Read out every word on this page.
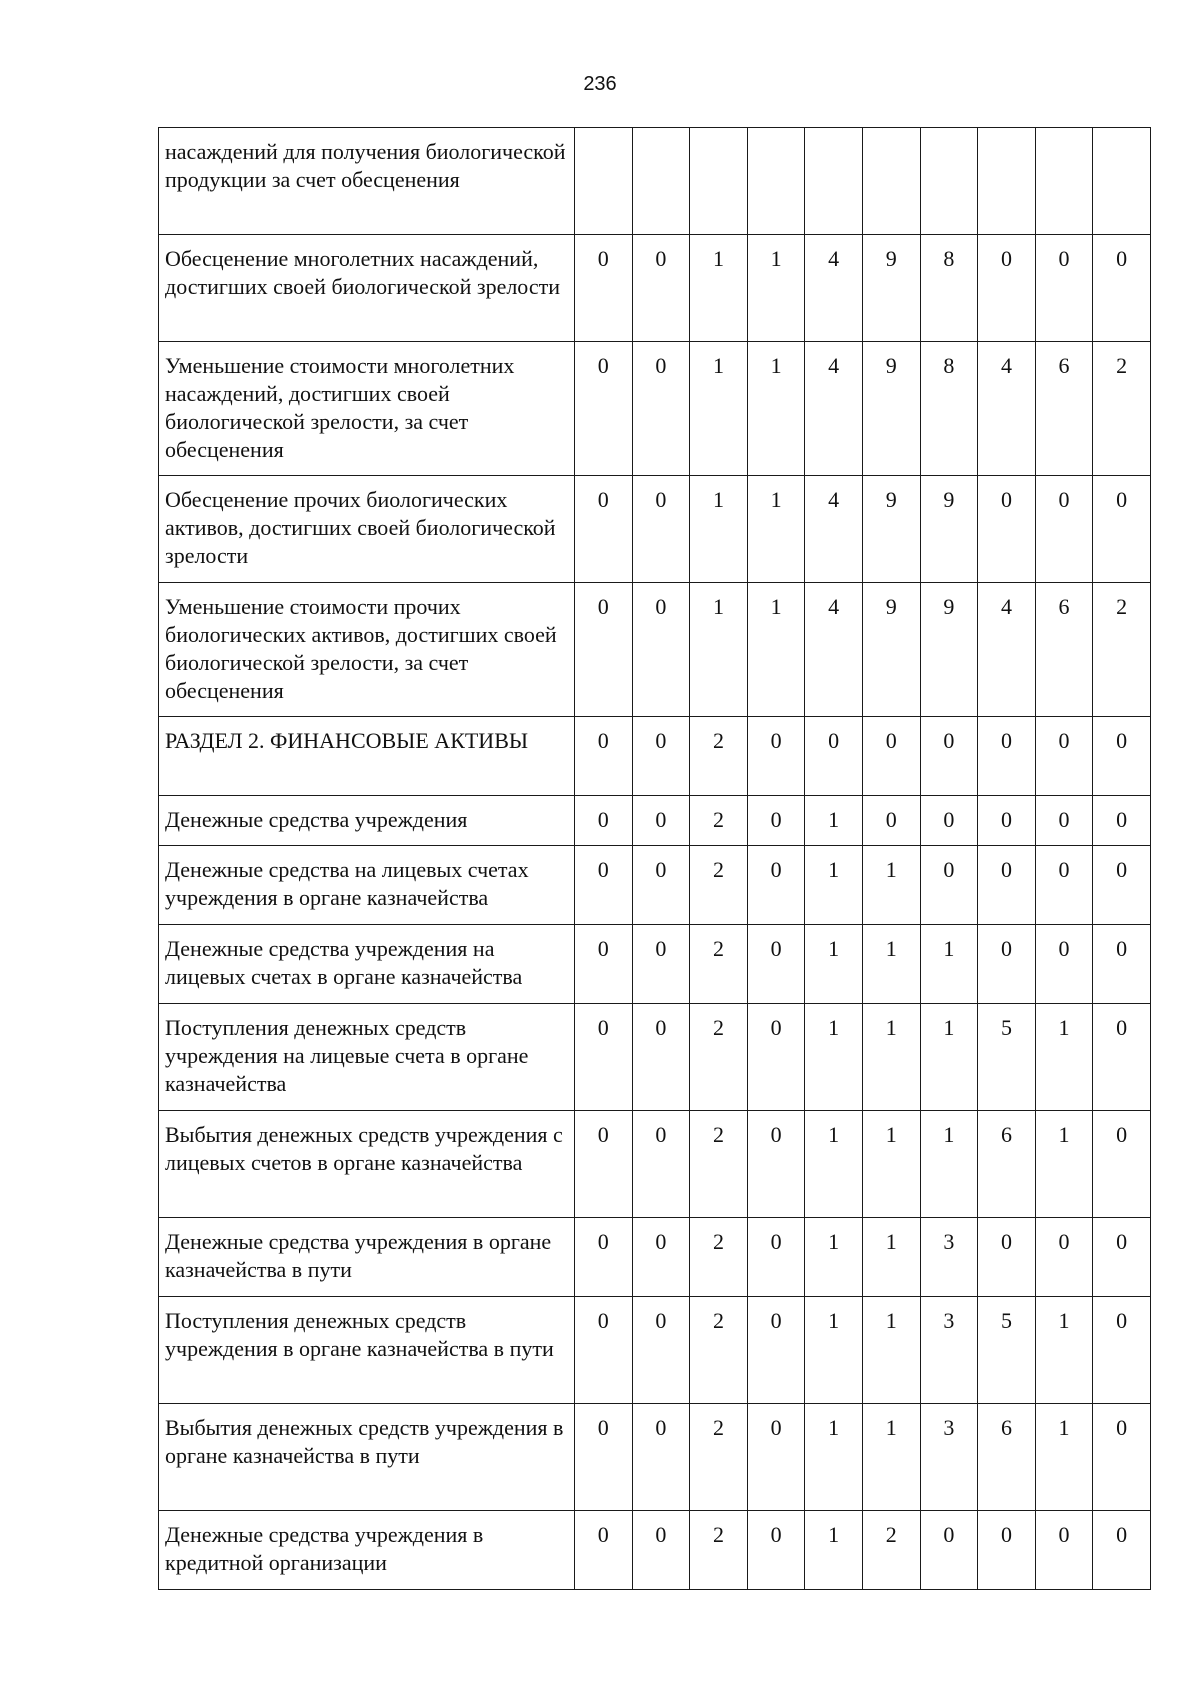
236
насаждений для получения биологической продукции за счет обесценения										
Обесценение многолетних насаждений, достигших своей биологической зрелости	0	0	1	1	4	9	8	0	0	0
Уменьшение стоимости многолетних насаждений, достигших своей биологической зрелости, за счет обесценения	0	0	1	1	4	9	8	4	6	2
Обесценение прочих биологических активов, достигших своей биологической зрелости	0	0	1	1	4	9	9	0	0	0
Уменьшение стоимости прочих биологических активов, достигших своей биологической зрелости, за счет обесценения	0	0	1	1	4	9	9	4	6	2
РАЗДЕЛ 2. ФИНАНСОВЫЕ АКТИВЫ	0	0	2	0	0	0	0	0	0	0
Денежные средства учреждения	0	0	2	0	1	0	0	0	0	0
Денежные средства на лицевых счетах учреждения в органе казначейства	0	0	2	0	1	1	0	0	0	0
Денежные средства учреждения на лицевых счетах в органе казначейства	0	0	2	0	1	1	1	0	0	0
Поступления денежных средств учреждения на лицевые счета в органе казначейства	0	0	2	0	1	1	1	5	1	0
Выбытия денежных средств учреждения с лицевых счетов в органе казначейства	0	0	2	0	1	1	1	6	1	0
Денежные средства учреждения в органе казначейства в пути	0	0	2	0	1	1	3	0	0	0
Поступления денежных средств учреждения в органе казначейства в пути	0	0	2	0	1	1	3	5	1	0
Выбытия денежных средств учреждения в органе казначейства в пути	0	0	2	0	1	1	3	6	1	0
Денежные средства учреждения в кредитной организации	0	0	2	0	1	2	0	0	0	0
